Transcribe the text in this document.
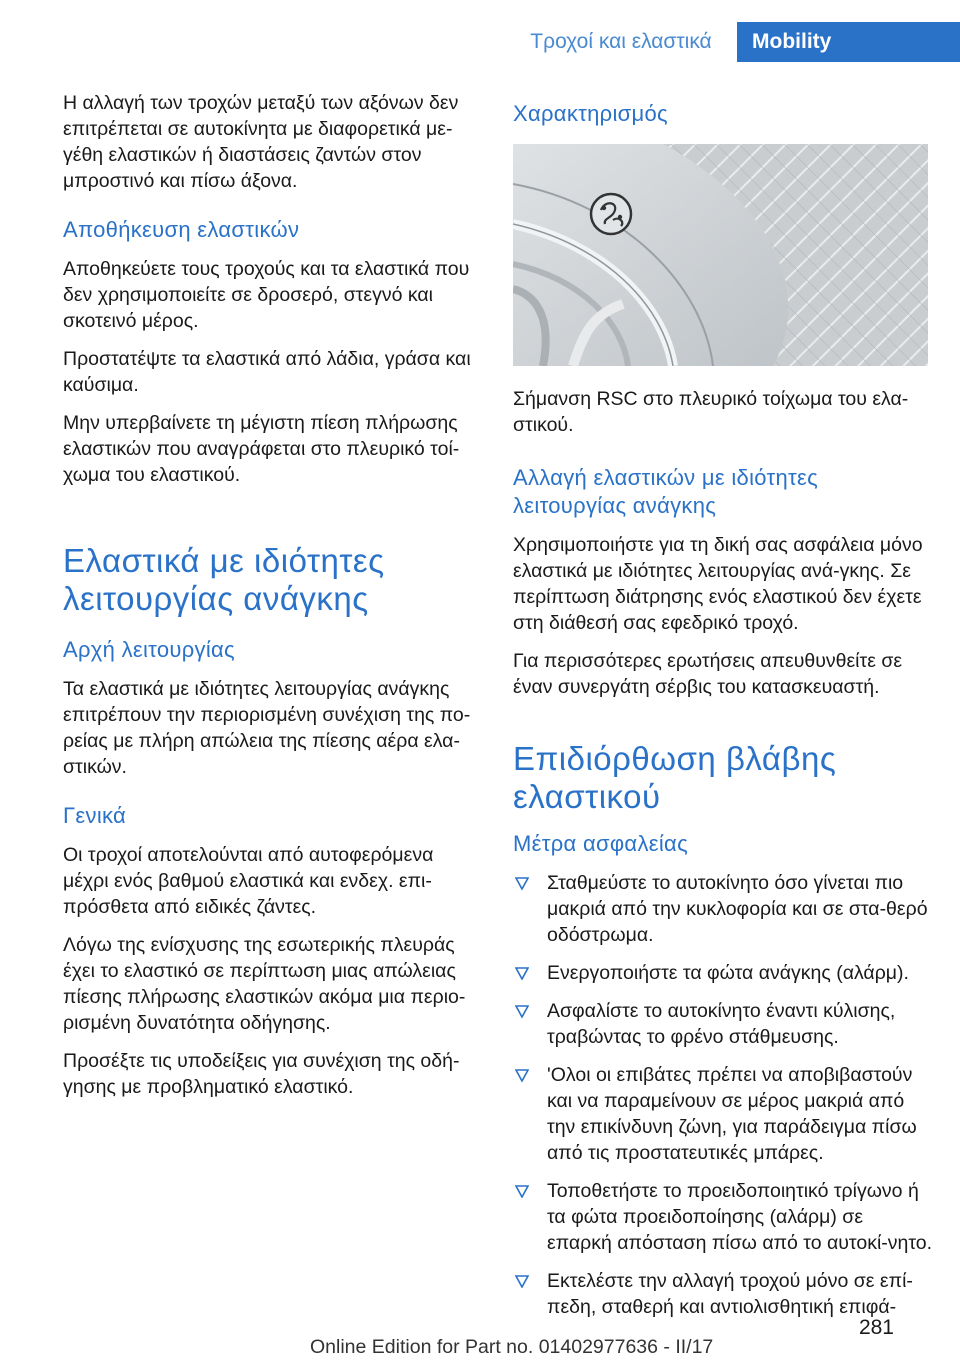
Τροχοί και ελαστικά	Mobility

Η αλλαγή των τροχών μεταξύ των αξόνων δεν επιτρέπεται σε αυτοκίνητα με διαφορετικά με‐γέθη ελαστικών ή διαστάσεις ζαντών στον μπροστινό και πίσω άξονα.

Αποθήκευση ελαστικών

Αποθηκεύετε τους τροχούς και τα ελαστικά που δεν χρησιμοποιείτε σε δροσερό, στεγνό και σκοτεινό μέρος.

Προστατέψτε τα ελαστικά από λάδια, γράσα και καύσιμα.

Μην υπερβαίνετε τη μέγιστη πίεση πλήρωσης ελαστικών που αναγράφεται στο πλευρικό τοί‐χωμα του ελαστικού.

Ελαστικά με ιδιότητες λειτουργίας ανάγκης
Αρχή λειτουργίας

Τα ελαστικά με ιδιότητες λειτουργίας ανάγκης επιτρέπουν την περιορισμένη συνέχιση της πο‐ρείας με πλήρη απώλεια της πίεσης αέρα ελα‐στικών.

Γενικά

Οι τροχοί αποτελούνται από αυτοφερόμενα μέχρι ενός βαθμού ελαστικά και ενδεχ. επι‐πρόσθετα από ειδικές ζάντες.

Λόγω της ενίσχυσης της εσωτερικής πλευράς έχει το ελαστικό σε περίπτωση μιας απώλειας πίεσης πλήρωσης ελαστικών ακόμα μια περιο‐ρισμένη δυνατότητα οδήγησης.

Προσέξτε τις υποδείξεις για συνέχιση της οδή‐γησης με προβληματικό ελαστικό.

Χαρακτηρισμός

Σήμανση RSC στο πλευρικό τοίχωμα του ελα‐στικού.

Αλλαγή ελαστικών με ιδιότητες λειτουργίας ανάγκης

Χρησιμοποιήστε για τη δική σας ασφάλεια μόνο ελαστικά με ιδιότητες λειτουργίας ανά‐γκης. Σε περίπτωση διάτρησης ενός ελαστικού δεν έχετε στη διάθεσή σας εφεδρικό τροχό.

Για περισσότερες ερωτήσεις απευθυνθείτε σε έναν συνεργάτη σέρβις του κατασκευαστή.

Επιδιόρθωση βλάβης ελαστικού
Μέτρα ασφαλείας
Σταθμεύστε το αυτοκίνητο όσο γίνεται πιο μακριά από την κυκλοφορία και σε στα‐θερό οδόστρωμα.
Ενεργοποιήστε τα φώτα ανάγκης (αλάρμ).
Ασφαλίστε το αυτοκίνητο έναντι κύλισης, τραβώντας το φρένο στάθμευσης.
'Ολοι οι επιβάτες πρέπει να αποβιβαστούν και να παραμείνουν σε μέρος μακριά από την επικίνδυνη ζώνη, για παράδειγμα πίσω από τις προστατευτικές μπάρες.
Τοποθετήστε το προειδοποιητικό τρίγωνο ή τα φώτα προειδοποίησης (αλάρμ) σε επαρκή απόσταση πίσω από το αυτοκί‐νητο.
Εκτελέστε την αλλαγή τροχού μόνο σε επί‐πεδη, σταθερή και αντιολισθητική επιφά‐
281
Online Edition for Part no. 01402977636 - II/17
